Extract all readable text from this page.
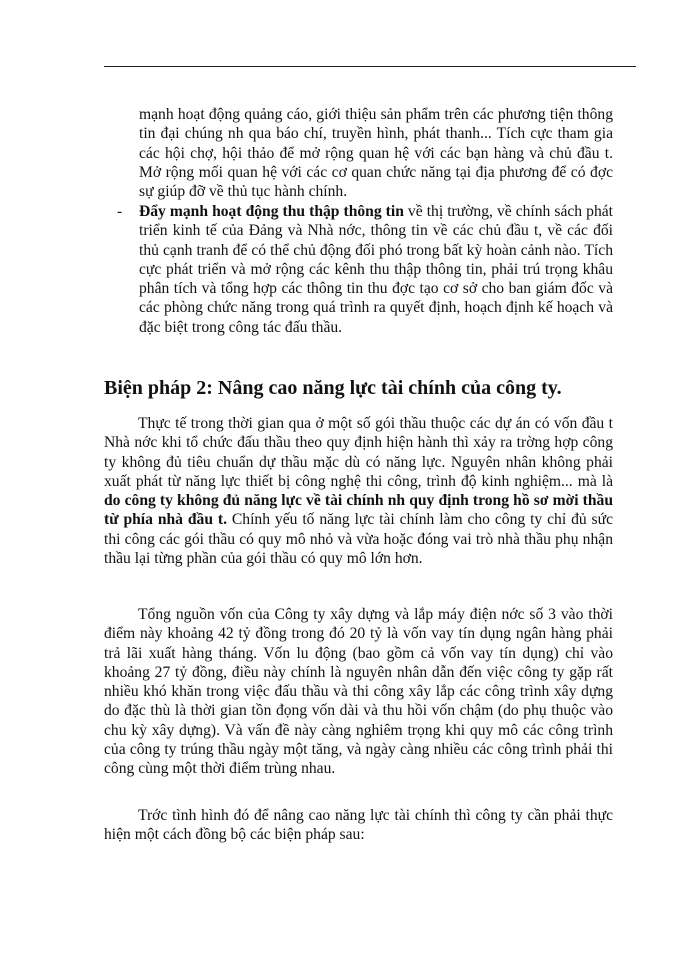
mạnh hoạt động quảng cáo, giới thiệu sản phẩm trên các phương tiện thông tin đại chúng nh qua báo chí, truyền hình, phát thanh... Tích cực tham gia các hội chợ, hội thảo để mở rộng quan hệ với các bạn hàng và chủ đầu t. Mở rộng mối quan hệ với các cơ quan chức năng tại địa phương để có đợc sự giúp đỡ về thủ tục hành chính.

- Đẩy mạnh hoạt động thu thập thông tin về thị trường, về chính sách phát triển kinh tế của Đảng và Nhà nớc, thông tin về các chủ đầu t, về các đối thủ cạnh tranh để có thể chủ động đối phó trong bất kỳ hoàn cảnh nào. Tích cực phát triển và mở rộng các kênh thu thập thông tin, phải trú trọng khâu phân tích và tổng hợp các thông tin thu đợc tạo cơ sở cho ban giám đốc và các phòng chức năng trong quá trình ra quyết định, hoạch định kế hoạch và đặc biệt trong công tác đấu thầu.

Biện pháp 2: Nâng cao năng lực tài chính của công ty.

Thực tế trong thời gian qua ở một số gói thầu thuộc các dự án có vốn đầu t Nhà nớc khi tổ chức đấu thầu theo quy định hiện hành thì xảy ra trờng hợp công ty không đủ tiêu chuẩn dự thầu mặc dù có năng lực. Nguyên nhân không phải xuất phát từ năng lực thiết bị công nghệ thi công, trình độ kinh nghiệm... mà là do công ty không đủ năng lực về tài chính nh quy định trong hồ sơ mời thầu từ phía nhà đầu t. Chính yếu tố năng lực tài chính làm cho công ty chỉ đủ sức thi công các gói thầu có quy mô nhỏ và vừa hoặc đóng vai trò nhà thầu phụ nhận thầu lại từng phần của gói thầu có quy mô lớn hơn.

Tổng nguồn vốn của Công ty xây dựng và lắp máy điện nớc số 3 vào thời điểm này khoảng 42 tỷ đồng trong đó 20 tỷ là vốn vay tín dụng ngân hàng phải trả lãi xuất hàng tháng. Vốn lu động (bao gồm cả vốn vay tín dụng) chỉ vào khoảng 27 tỷ đồng, điều này chính là nguyên nhân dẫn đến việc công ty gặp rất nhiều khó khăn trong việc đấu thầu và thi công xây lắp các công trình xây dựng do đặc thù là thời gian tồn đọng vốn dài và thu hồi vốn chậm (do phụ thuộc vào chu kỳ xây dựng). Và vấn đề này càng nghiêm trọng khi quy mô các công trình của công ty trúng thầu ngày một tăng, và ngày càng nhiều các công trình phải thi công cùng một thời điểm trùng nhau.

Trớc tình hình đó để nâng cao năng lực tài chính thì công ty cần phải thực hiện một cách đồng bộ các biện pháp sau:
